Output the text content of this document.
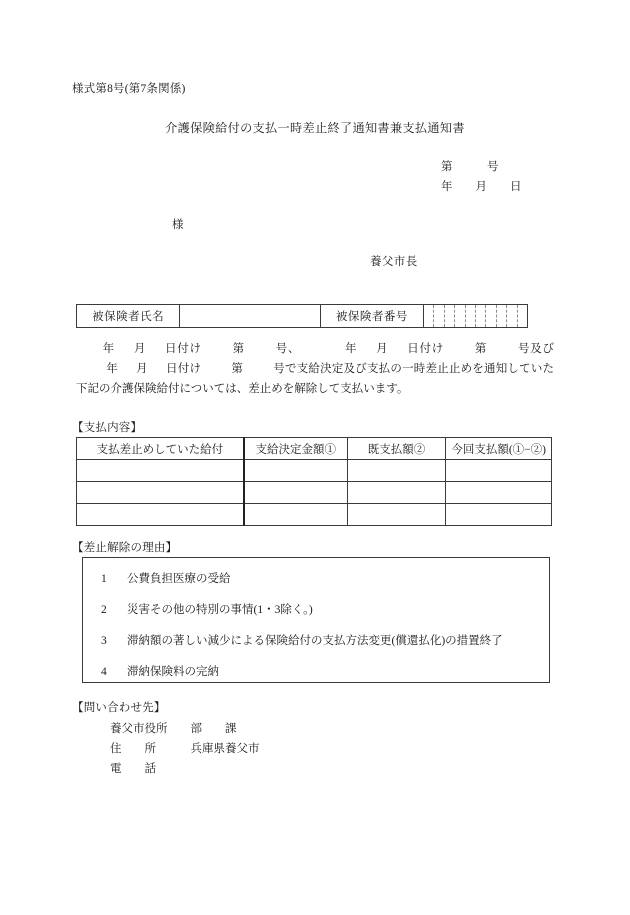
様式第8号(第7条関係)
介護保険給付の支払一時差止終了通知書兼支払通知書
第            号
年        月        日
様
養父市長
被保険者氏名		被保険者番号	
年 月 日付け	第	号、	年 月 日付け	第	号及び年 月 日付け	第	号で支給決定及び支払の一時差止止めを通知していた下記の介護保険給付については、差止めを解除して支払います。
【支払内容】
支払差止めしていた給付	支給決定金額①	既支払額②	今回支払額(①−②)

【差止解除の理由】
1 公費負担医療の受給
2 災害その他の特別の事情(1・3除く。)
3 滞納額の著しい減少による保険給付の支払方法変更(償還払化)の措置終了
4 滞納保険料の完納
【問い合わせ先】
養父市役所        部        課
住        所            兵庫県養父市
電        話
